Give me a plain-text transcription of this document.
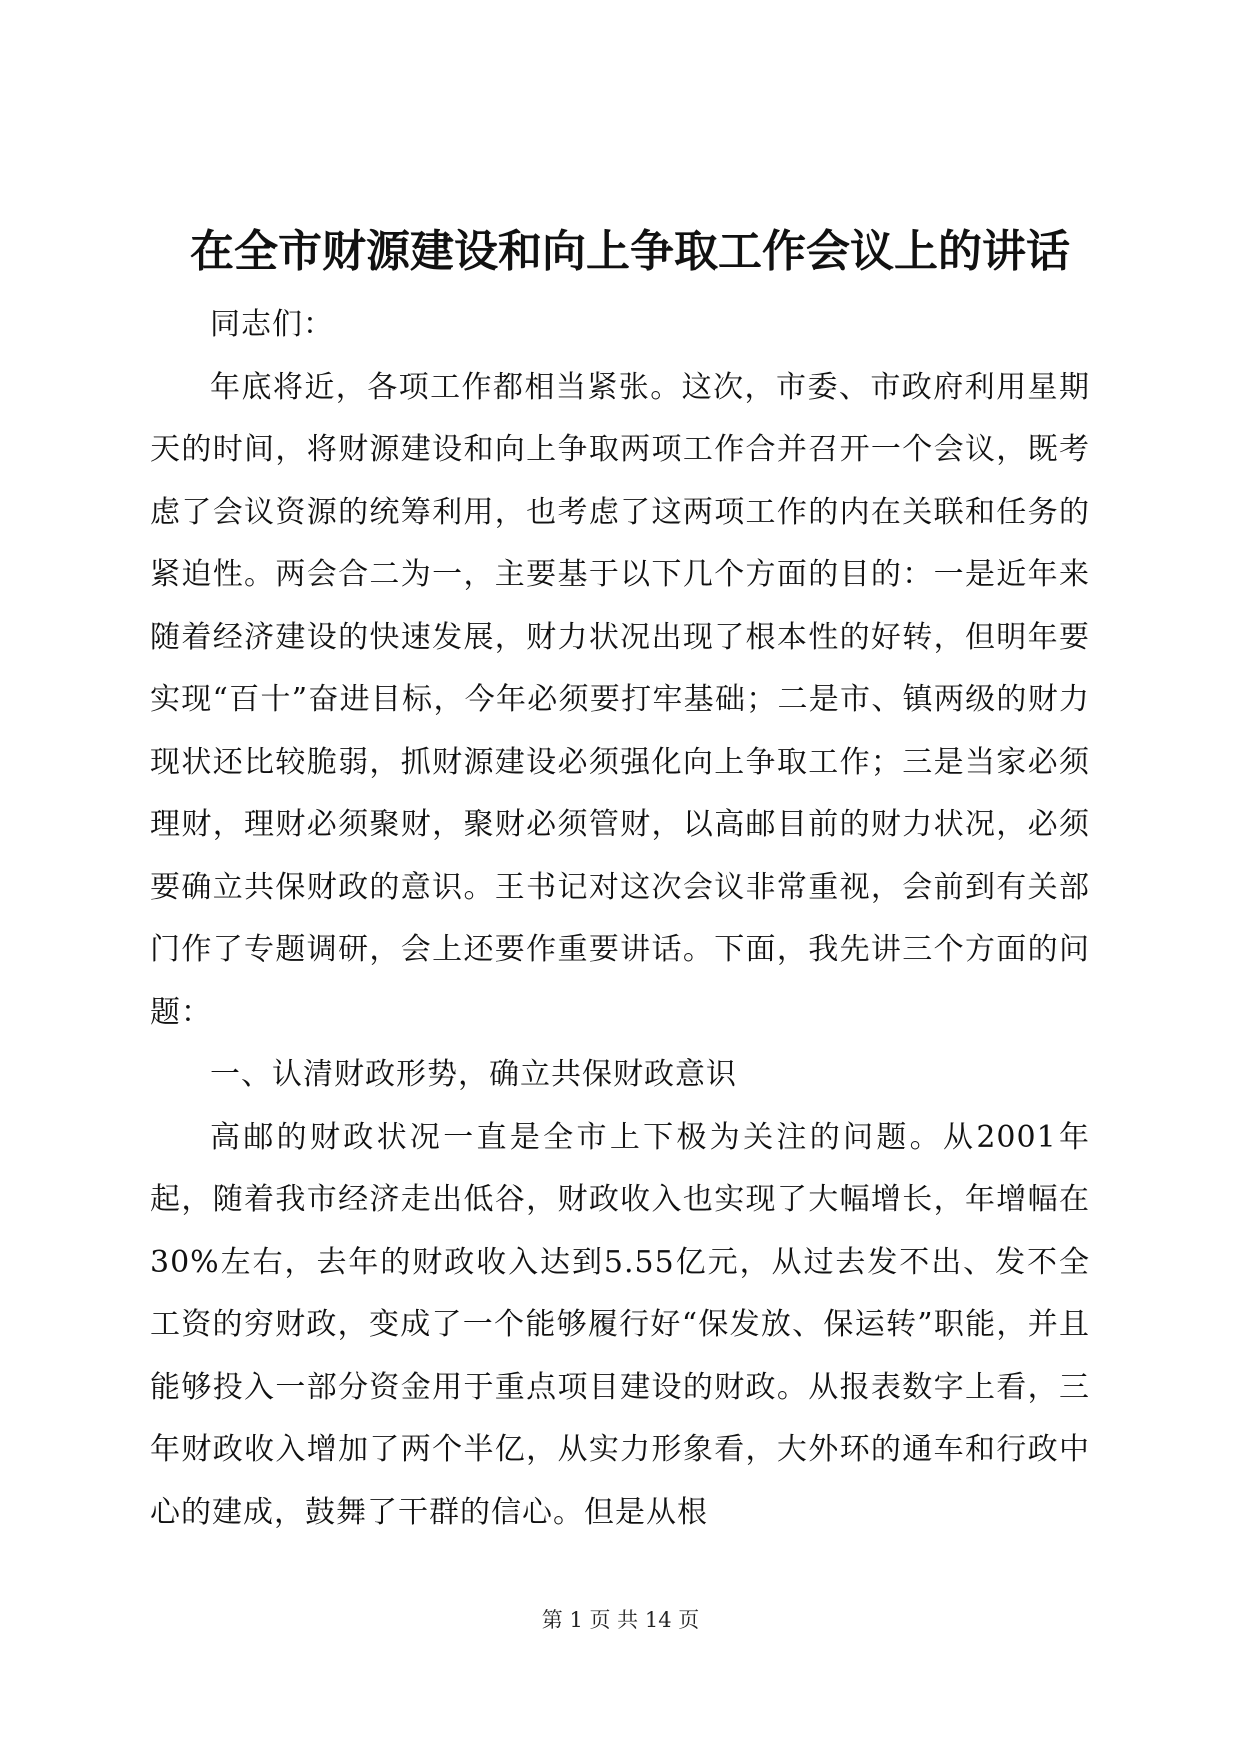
在全市财源建设和向上争取工作会议上的讲话

同志们：

年底将近，各项工作都相当紧张。这次，市委、市政府利用星期天的时间，将财源建设和向上争取两项工作合并召开一个会议，既考虑了会议资源的统筹利用，也考虑了这两项工作的内在关联和任务的紧迫性。两会合二为一，主要基于以下几个方面的目的：一是近年来随着经济建设的快速发展，财力状况出现了根本性的好转，但明年要实现“百十”奋进目标，今年必须要打牢基础；二是市、镇两级的财力现状还比较脆弱，抓财源建设必须强化向上争取工作；三是当家必须理财，理财必须聚财，聚财必须管财，以高邮目前的财力状况，必须要确立共保财政的意识。王书记对这次会议非常重视，会前到有关部门作了专题调研，会上还要作重要讲话。下面，我先讲三个方面的问题：

一、认清财政形势，确立共保财政意识

高邮的财政状况一直是全市上下极为关注的问题。从2001年起，随着我市经济走出低谷，财政收入也实现了大幅增长，年增幅在30%左右，去年的财政收入达到5.55亿元，从过去发不出、发不全工资的穷财政，变成了一个能够履行好“保发放、保运转”职能，并且能够投入一部分资金用于重点项目建设的财政。从报表数字上看，三年财政收入增加了两个半亿，从实力形象看，大外环的通车和行政中心的建成，鼓舞了干群的信心。但是从根

第 1 页 共 14 页
